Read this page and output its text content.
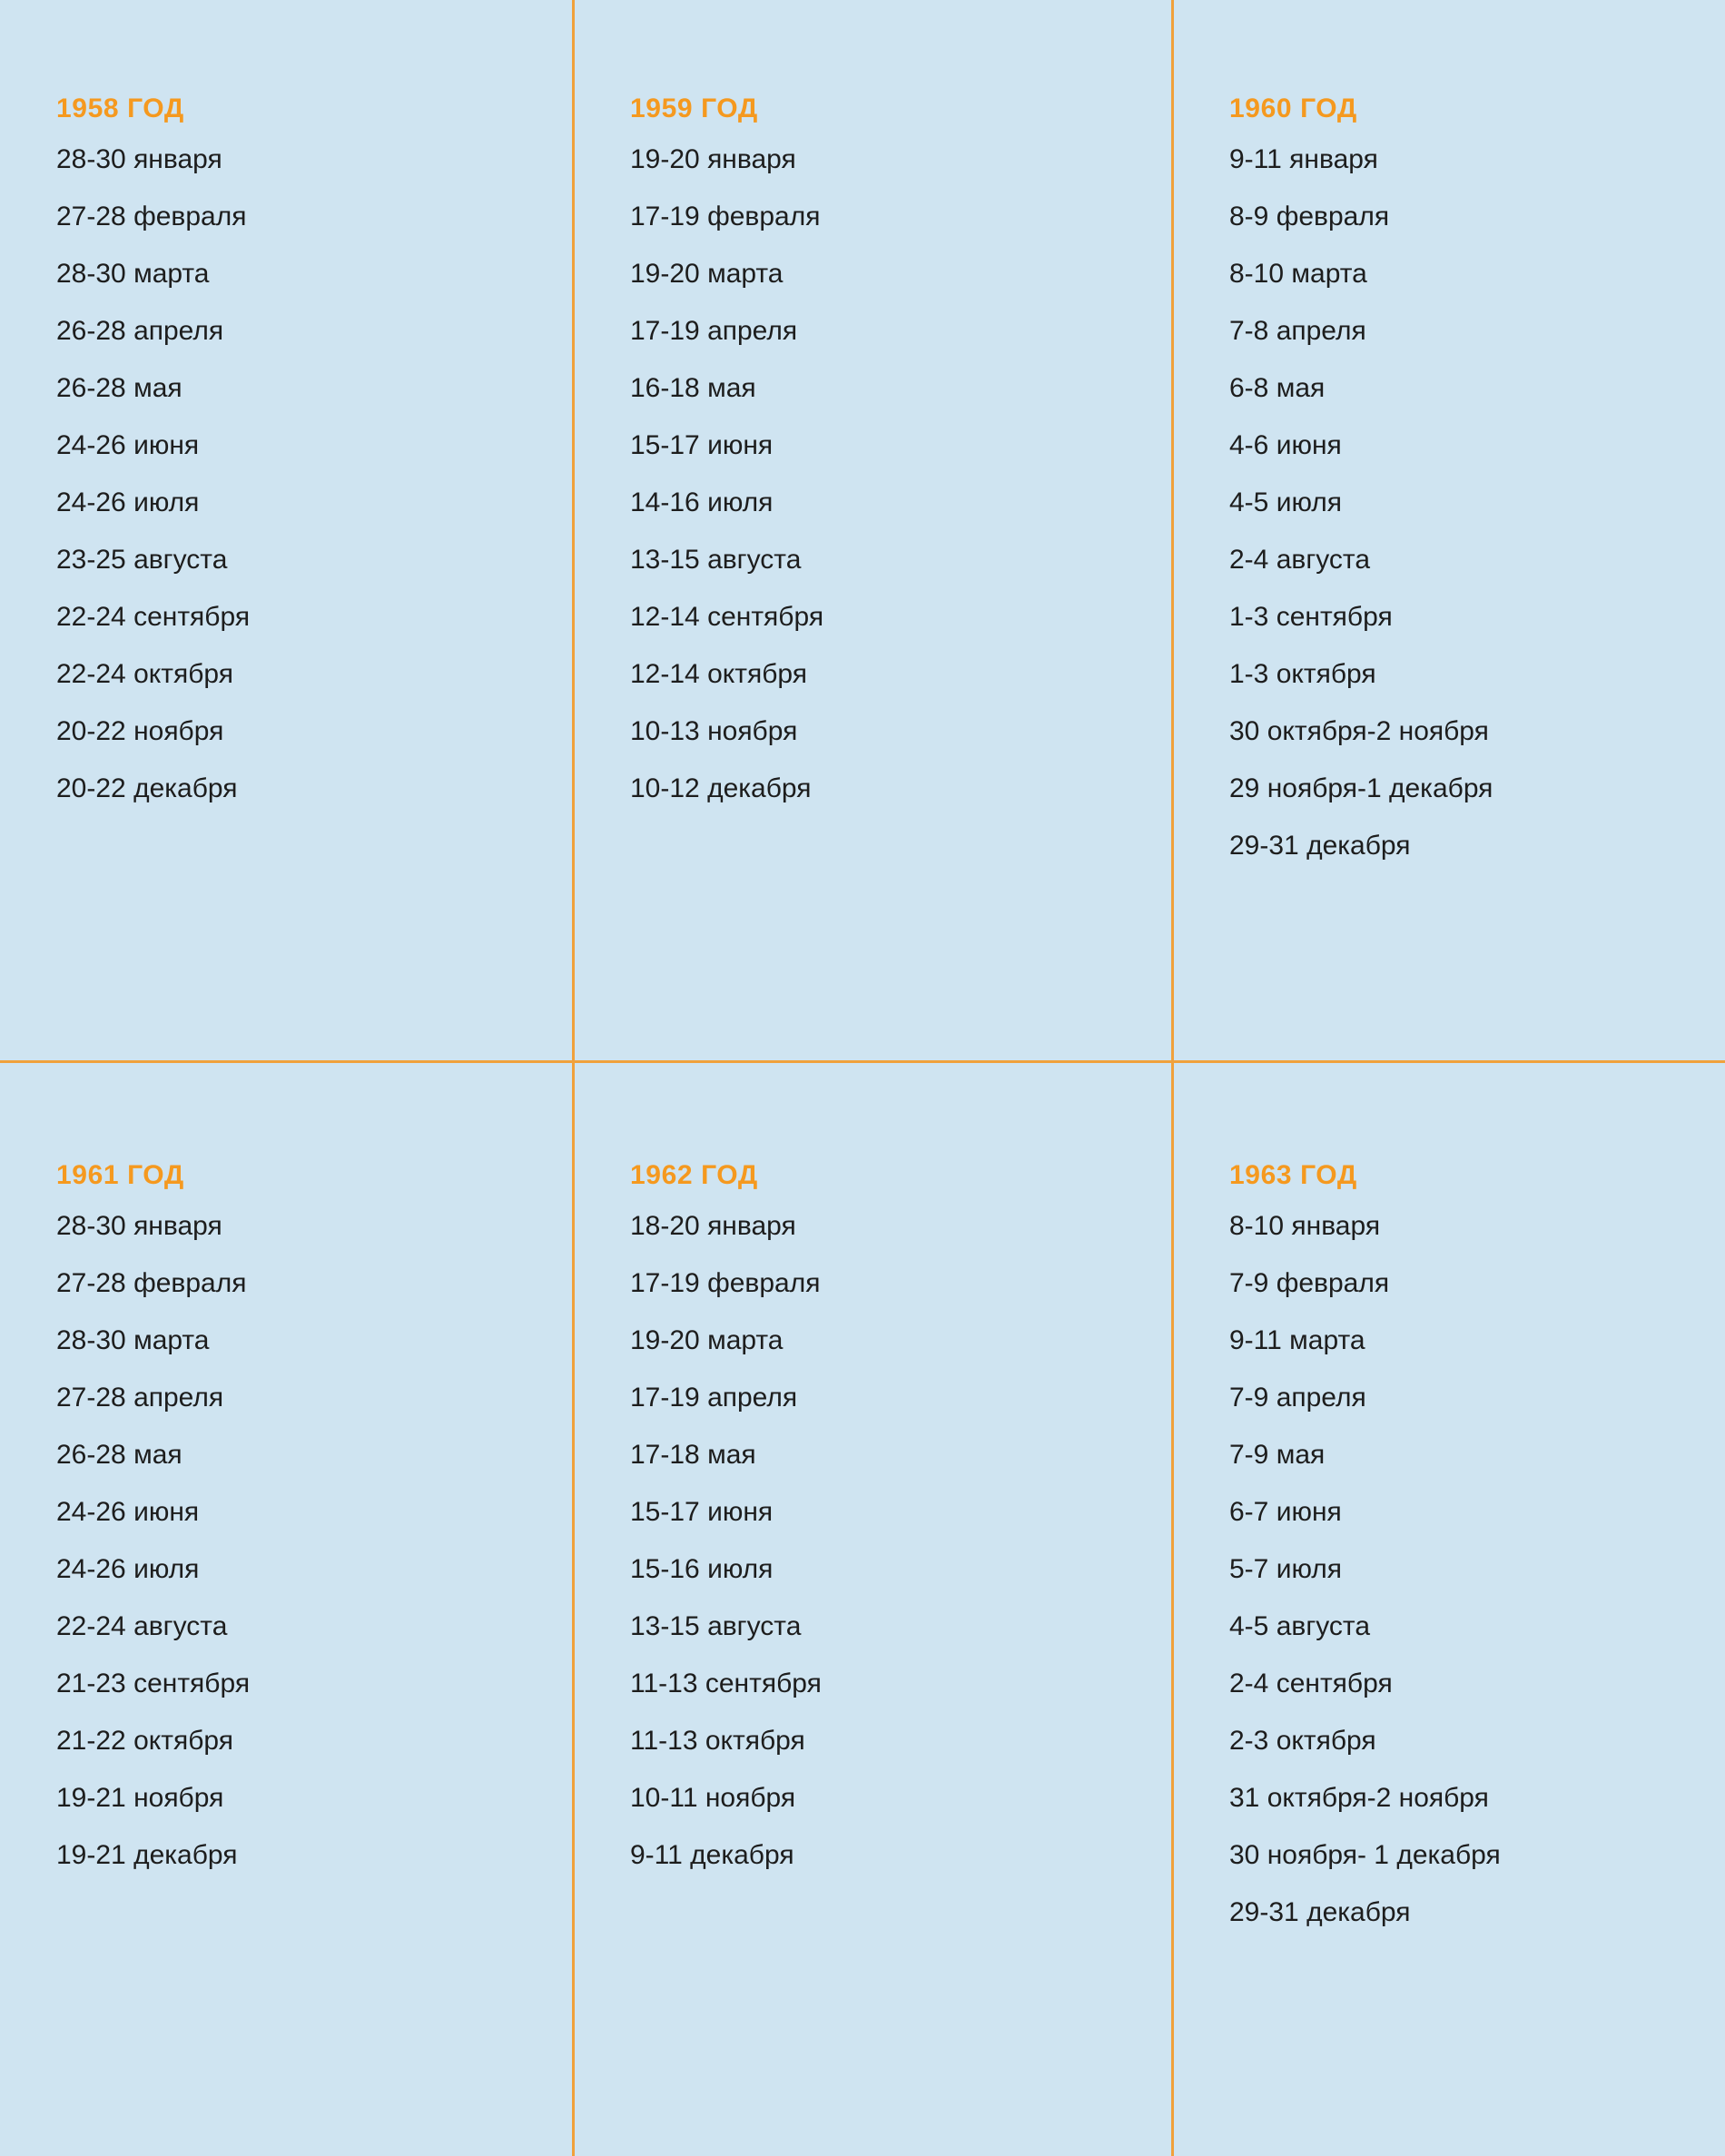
1958 ГОД
28-30 января
27-28 февраля
28-30 марта
26-28 апреля
26-28 мая
24-26 июня
24-26 июля
23-25 августа
22-24 сентября
22-24 октября
20-22 ноября
20-22 декабря
1959 ГОД
19-20 января
17-19 февраля
19-20 марта
17-19 апреля
16-18 мая
15-17 июня
14-16 июля
13-15 августа
12-14 сентября
12-14 октября
10-13 ноября
10-12 декабря
1960 ГОД
9-11 января
8-9 февраля
8-10 марта
7-8 апреля
6-8 мая
4-6 июня
4-5 июля
2-4 августа
1-3 сентября
1-3 октября
30 октября-2 ноября
29 ноября-1 декабря
29-31 декабря
1961 ГОД
28-30 января
27-28 февраля
28-30 марта
27-28 апреля
26-28 мая
24-26 июня
24-26 июля
22-24 августа
21-23 сентября
21-22 октября
19-21 ноября
19-21 декабря
1962 ГОД
18-20 января
17-19 февраля
19-20 марта
17-19 апреля
17-18 мая
15-17 июня
15-16 июля
13-15 августа
11-13 сентября
11-13 октября
10-11 ноября
9-11 декабря
1963 ГОД
8-10 января
7-9 февраля
9-11 марта
7-9 апреля
7-9 мая
6-7 июня
5-7 июля
4-5 августа
2-4 сентября
2-3 октября
31 октября-2 ноября
30 ноября- 1 декабря
29-31 декабря
